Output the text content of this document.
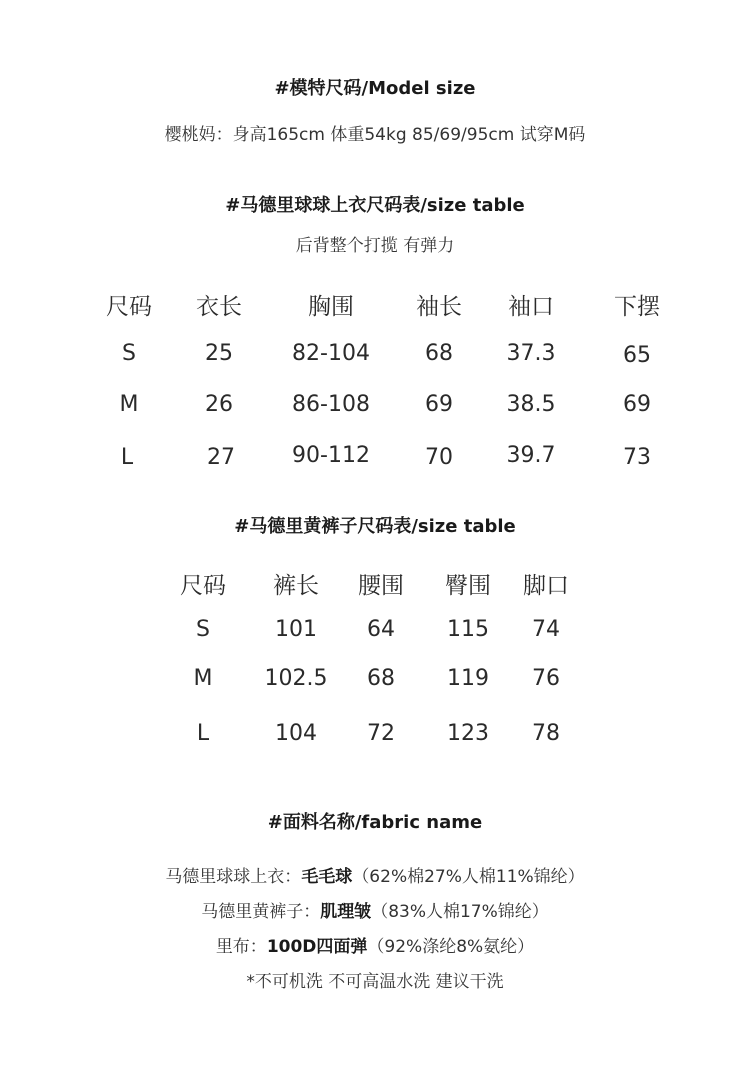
#模特尺码/Model size
樱桃妈：身高165cm 体重54kg 85/69/95cm 试穿M码
#马德里球球上衣尺码表/size table
后背整个打揽 有弹力
尺码 衣长	胸围	袖长 袖口	下摆
S	25	82-104	68 37.3	65
M	26	86-108	69 38.5	69
L	27	90-112	70 39.7	73
#马德里黄裤子尺码表/size table
尺码 裤长 腰围 臀围 脚口
S	101 64 115 74
M 102.5 68 119 76
L	104 72 123 78
#面料名称/fabric name
马德里球球上衣：毛毛球（62%棉27%人棉11%锦纶）
马德里黄裤子：肌理皱（83%人棉17%锦纶）
里布：100D四面弹（92%涤纶8%氨纶）
*不可机洗 不可高温水洗 建议干洗
